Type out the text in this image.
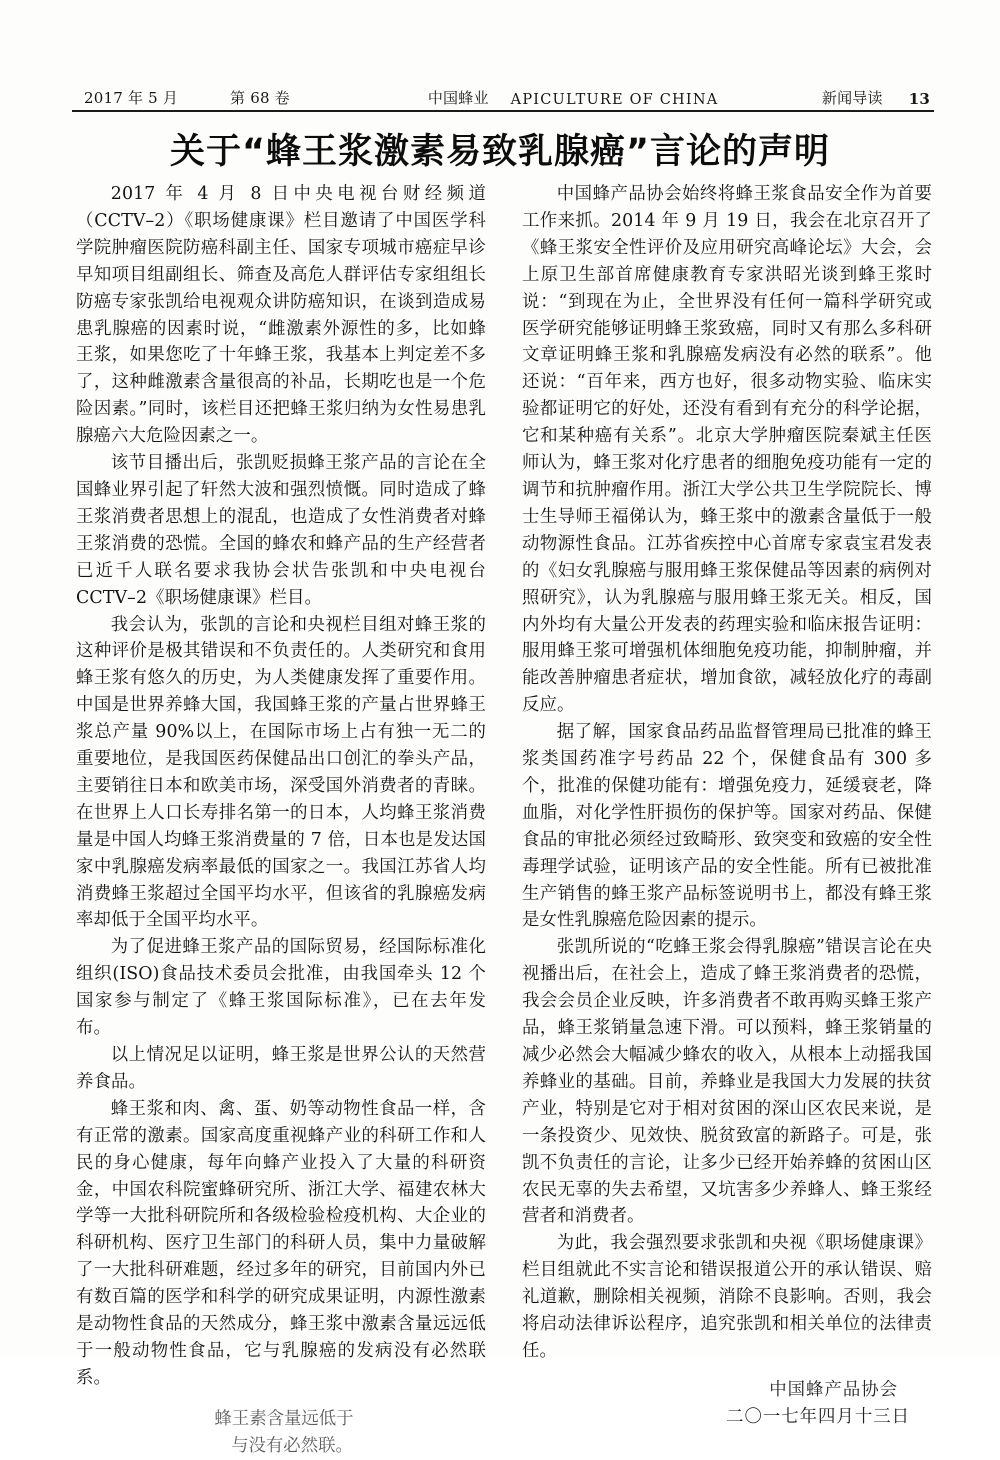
2017 年 5 月	第 68 卷	中国蜂业 APICULTURE OF CHINA	新闻导读 13
关于“蜂王浆激素易致乳腺癌”言论的声明

2017 年 4 月 8 日中央电视台财经频道（CCTV–2）《职场健康课》栏目邀请了中国医学科学院肿瘤医院防癌科副主任、国家专项城市癌症早诊早知项目组副组长、筛查及高危人群评估专家组组长防癌专家张凯给电视观众讲防癌知识，在谈到造成易患乳腺癌的因素时说，“雌激素外源性的多，比如蜂王浆，如果您吃了十年蜂王浆，我基本上判定差不多了，这种雌激素含量很高的补品，长期吃也是一个危险因素。”同时，该栏目还把蜂王浆归纳为女性易患乳腺癌六大危险因素之一。

该节目播出后，张凯贬损蜂王浆产品的言论在全国蜂业界引起了轩然大波和强烈愤慨。同时造成了蜂王浆消费者思想上的混乱，也造成了女性消费者对蜂王浆消费的恐慌。全国的蜂农和蜂产品的生产经营者已近千人联名要求我协会状告张凯和中央电视台 CCTV–2《职场健康课》栏目。

我会认为，张凯的言论和央视栏目组对蜂王浆的这种评价是极其错误和不负责任的。人类研究和食用蜂王浆有悠久的历史，为人类健康发挥了重要作用。中国是世界养蜂大国，我国蜂王浆的产量占世界蜂王浆总产量 90%以上，在国际市场上占有独一无二的重要地位，是我国医药保健品出口创汇的拳头产品，主要销往日本和欧美市场，深受国外消费者的青睐。在世界上人口长寿排名第一的日本，人均蜂王浆消费量是中国人均蜂王浆消费量的 7 倍，日本也是发达国家中乳腺癌发病率最低的国家之一。我国江苏省人均消费蜂王浆超过全国平均水平，但该省的乳腺癌发病率却低于全国平均水平。

为了促进蜂王浆产品的国际贸易，经国际标准化组织(ISO)食品技术委员会批准，由我国牵头 12 个国家参与制定了《蜂王浆国际标准》，已在去年发布。

以上情况足以证明，蜂王浆是世界公认的天然营养食品。

蜂王浆和肉、禽、蛋、奶等动物性食品一样，含有正常的激素。国家高度重视蜂产业的科研工作和人民的身心健康，每年向蜂产业投入了大量的科研资金，中国农科院蜜蜂研究所、浙江大学、福建农林大学等一大批科研院所和各级检验检疫机构、大企业的科研机构、医疗卫生部门的科研人员，集中力量破解了一大批科研难题，经过多年的研究，目前国内外已有数百篇的医学和科学的研究成果证明，内源性激素是动物性食品的天然成分，蜂王浆中激素含量远远低于一般动物性食品，它与乳腺癌的发病没有必然联系。

蜂王素含量远低于
与没有必然联。

中国蜂产品协会始终将蜂王浆食品安全作为首要工作来抓。2014 年 9 月 19 日，我会在北京召开了《蜂王浆安全性评价及应用研究高峰论坛》大会，会上原卫生部首席健康教育专家洪昭光谈到蜂王浆时说：“到现在为止，全世界没有任何一篇科学研究或医学研究能够证明蜂王浆致癌，同时又有那么多科研文章证明蜂王浆和乳腺癌发病没有必然的联系”。他还说：“百年来，西方也好，很多动物实验、临床实验都证明它的好处，还没有看到有充分的科学论据，它和某种癌有关系”。北京大学肿瘤医院秦斌主任医师认为，蜂王浆对化疗患者的细胞免疫功能有一定的调节和抗肿瘤作用。浙江大学公共卫生学院院长、博士生导师王福俤认为，蜂王浆中的激素含量低于一般动物源性食品。江苏省疾控中心首席专家袁宝君发表的《妇女乳腺癌与服用蜂王浆保健品等因素的病例对照研究》，认为乳腺癌与服用蜂王浆无关。相反，国内外均有大量公开发表的药理实验和临床报告证明：服用蜂王浆可增强机体细胞免疫功能，抑制肿瘤，并能改善肿瘤患者症状，增加食欲，减轻放化疗的毒副反应。

据了解，国家食品药品监督管理局已批准的蜂王浆类国药准字号药品 22 个，保健食品有 300 多个，批准的保健功能有：增强免疫力，延缓衰老，降血脂，对化学性肝损伤的保护等。国家对药品、保健食品的审批必须经过致畸形、致突变和致癌的安全性毒理学试验，证明该产品的安全性能。所有已被批准生产销售的蜂王浆产品标签说明书上，都没有蜂王浆是女性乳腺癌危险因素的提示。

张凯所说的“吃蜂王浆会得乳腺癌”错误言论在央视播出后，在社会上，造成了蜂王浆消费者的恐慌，我会会员企业反映，许多消费者不敢再购买蜂王浆产品，蜂王浆销量急速下滑。可以预料，蜂王浆销量的减少必然会大幅减少蜂农的收入，从根本上动摇我国养蜂业的基础。目前，养蜂业是我国大力发展的扶贫产业，特别是它对于相对贫困的深山区农民来说，是一条投资少、见效快、脱贫致富的新路子。可是，张凯不负责任的言论，让多少已经开始养蜂的贫困山区农民无辜的失去希望，又坑害多少养蜂人、蜂王浆经营者和消费者。

为此，我会强烈要求张凯和央视《职场健康课》栏目组就此不实言论和错误报道公开的承认错误、赔礼道歉，删除相关视频，消除不良影响。否则，我会将启动法律诉讼程序，追究张凯和相关单位的法律责任。

中国蜂产品协会
二〇一七年四月十三日
